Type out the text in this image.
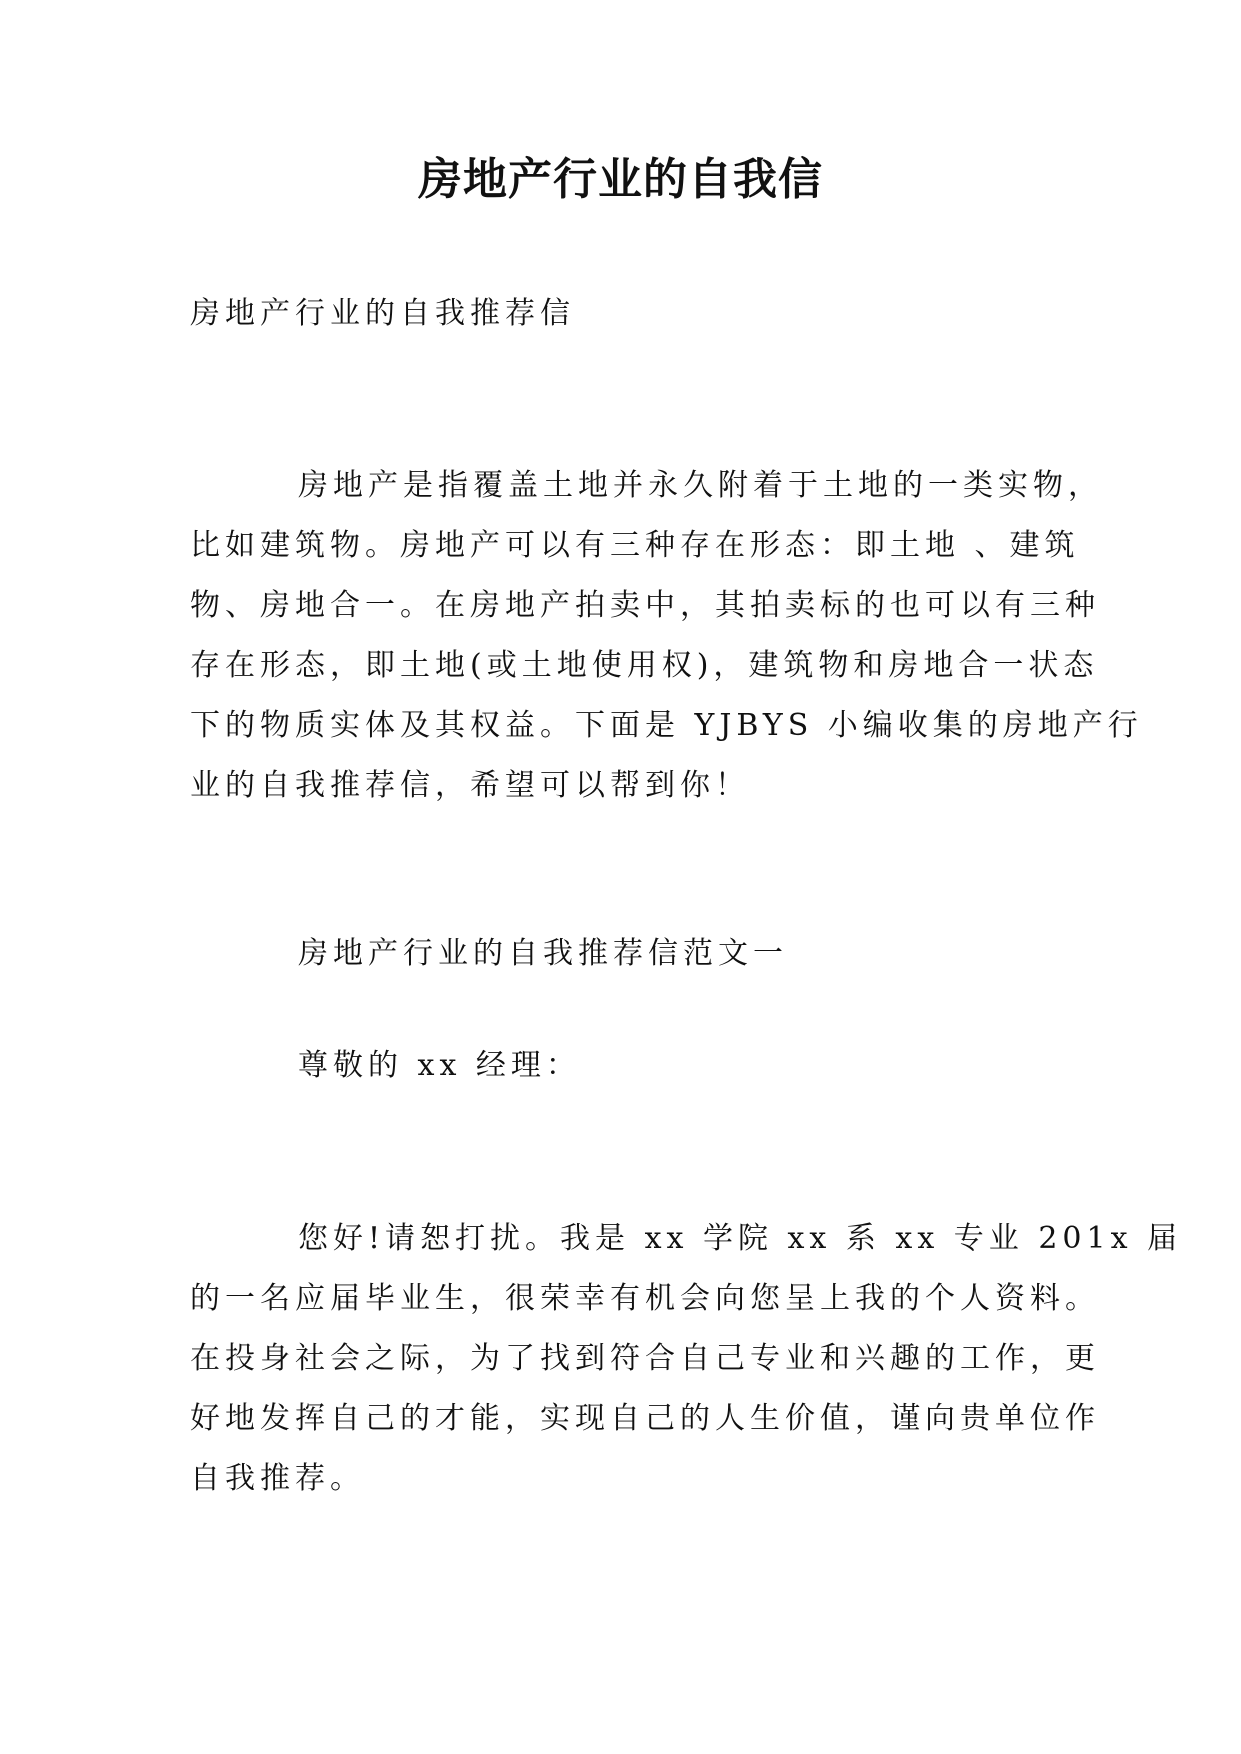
房地产行业的自我信
房地产行业的自我推荐信
房地产是指覆盖土地并永久附着于土地的一类实物，
比如建筑物。房地产可以有三种存在形态：即土地 、建筑
物、房地合一。在房地产拍卖中，其拍卖标的也可以有三种
存在形态，即土地(或土地使用权)，建筑物和房地合一状态
下的物质实体及其权益。下面是 YJBYS 小编收集的房地产行
业的自我推荐信，希望可以帮到你！
房地产行业的自我推荐信范文一
尊敬的 xx 经理：
您好!请恕打扰。我是 xx 学院 xx 系 xx 专业 201x 届
的一名应届毕业生，很荣幸有机会向您呈上我的个人资料。
在投身社会之际，为了找到符合自己专业和兴趣的工作，更
好地发挥自己的才能，实现自己的人生价值，谨向贵单位作
自我推荐。
